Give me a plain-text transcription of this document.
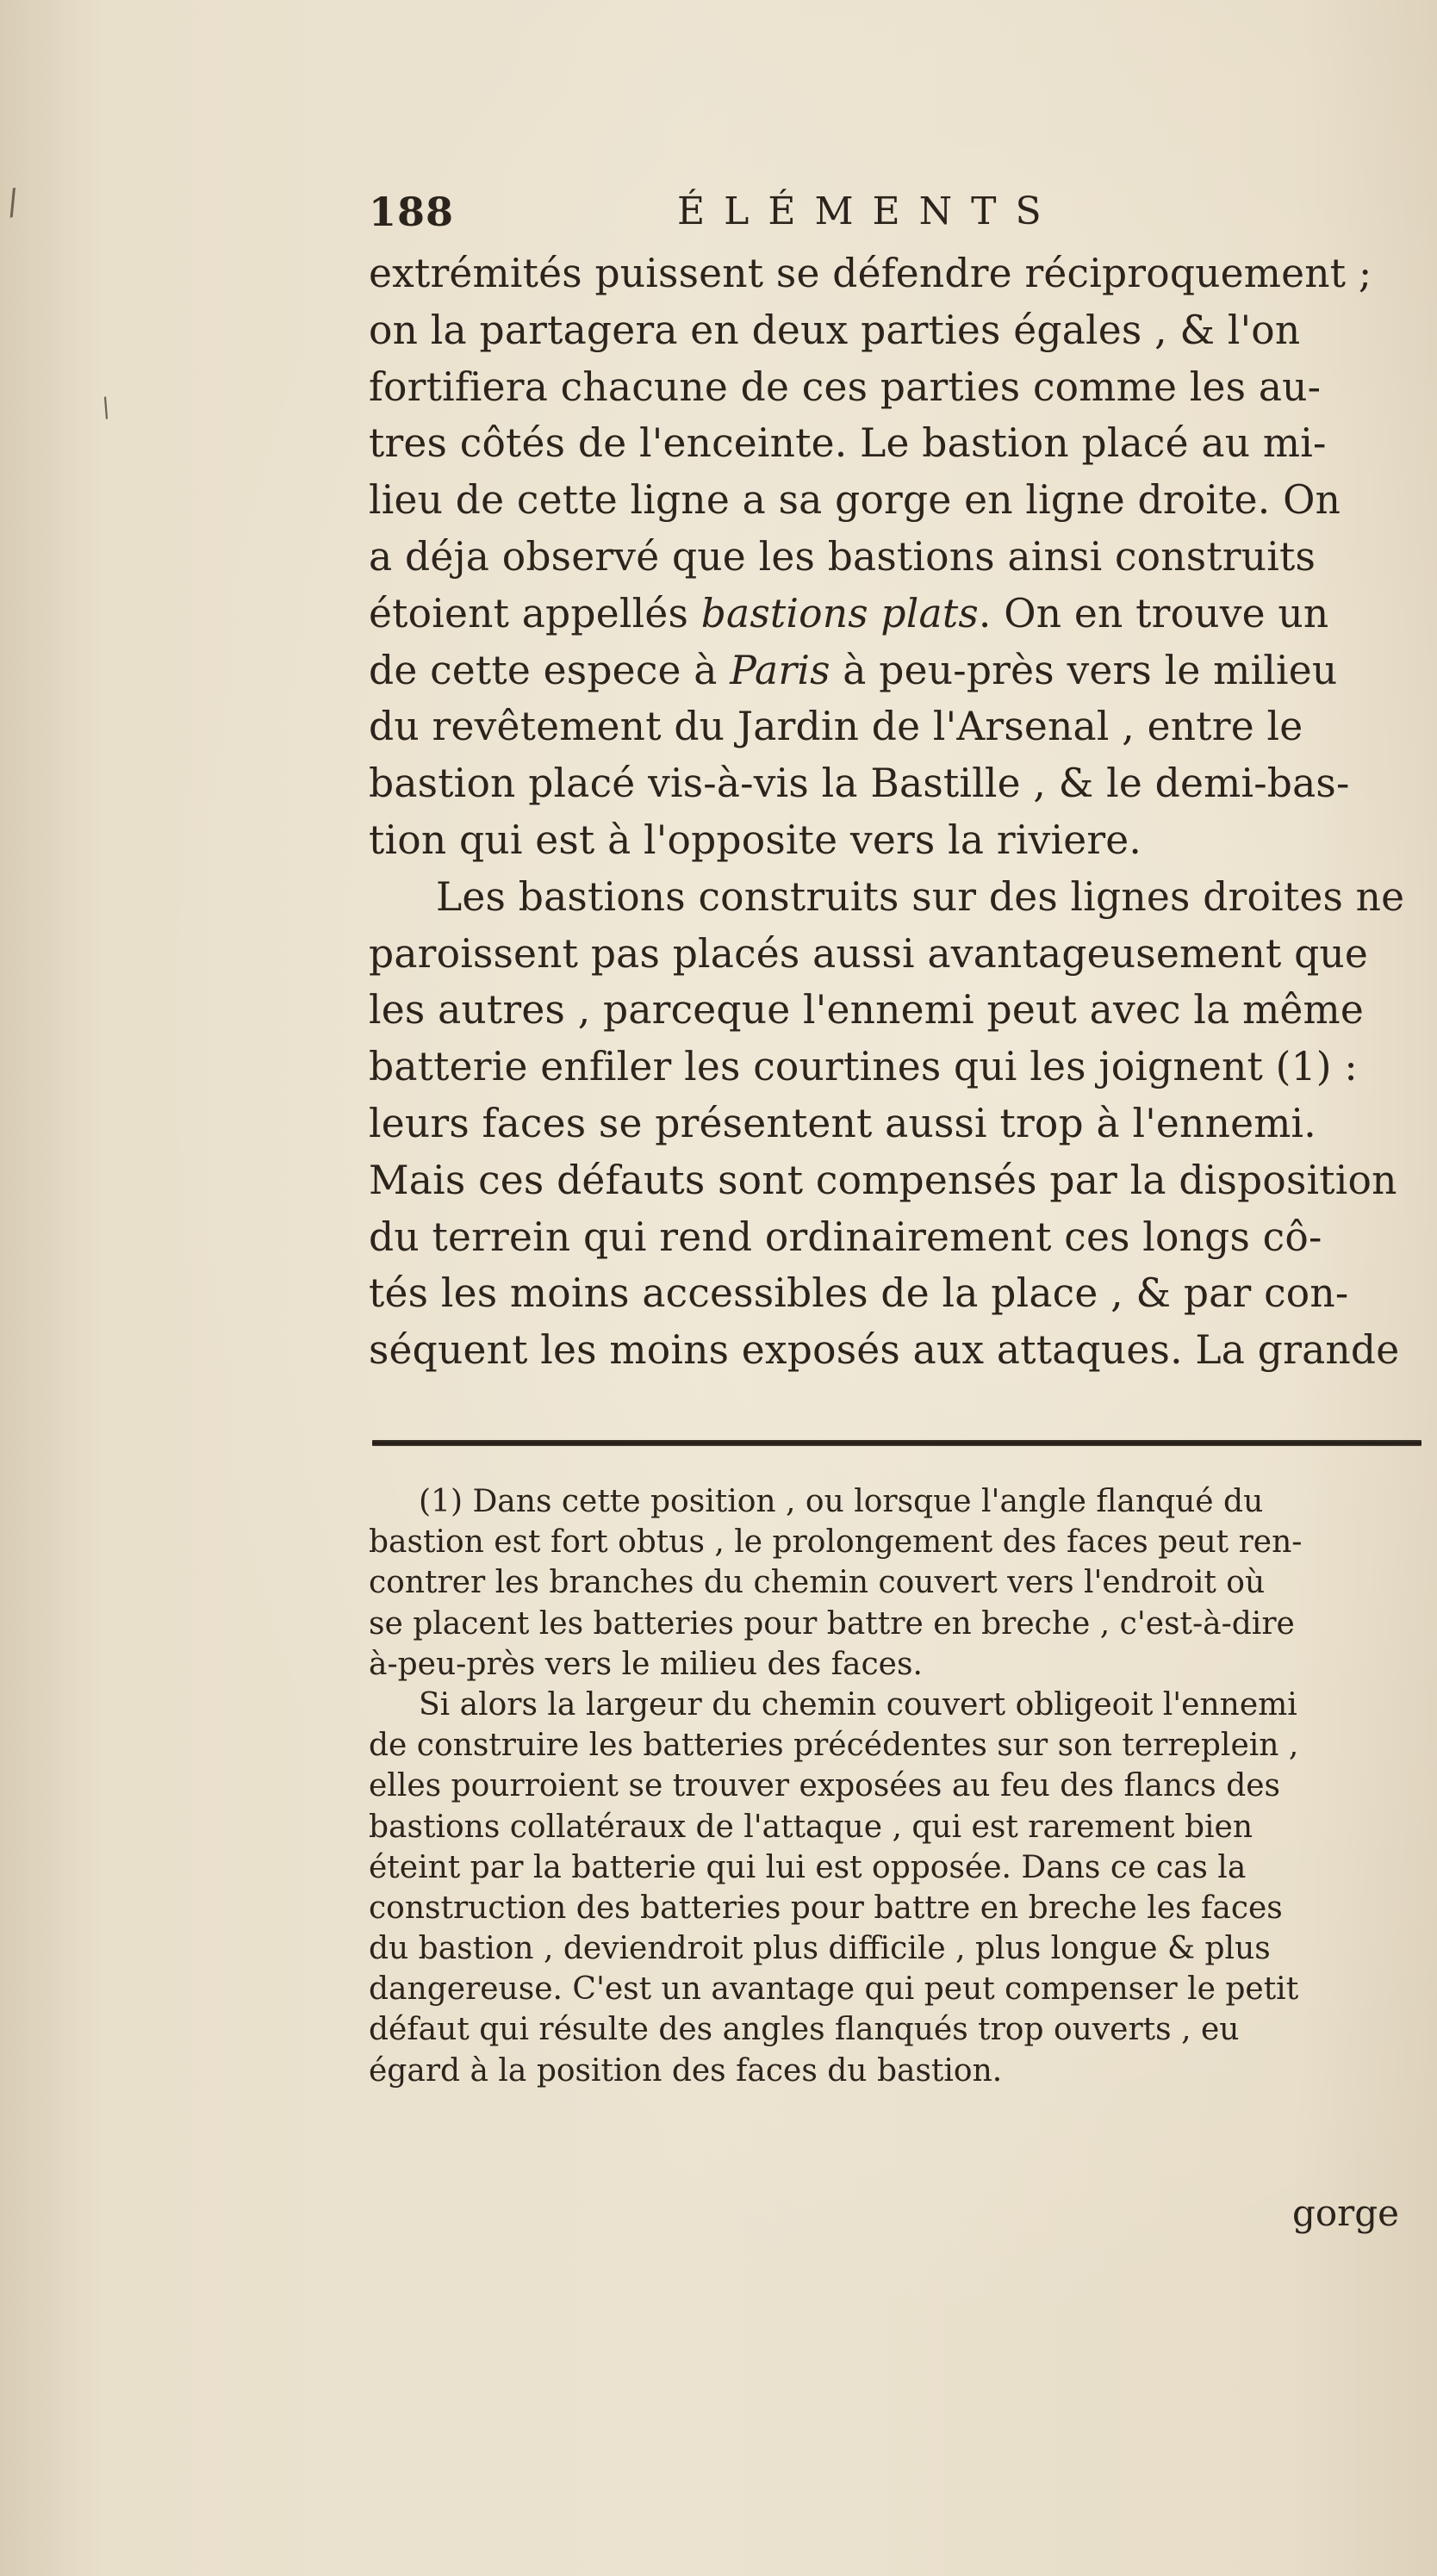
/
/
188	ÉLÉMENTS
extrémités puissent se défendre réciproquement ;
on la partagera en deux parties égales , & l'on
fortifiera chacune de ces parties comme les au-
tres côtés de l'enceinte. Le bastion placé au mi-
lieu de cette ligne a sa gorge en ligne droite. On
a déja observé que les bastions ainsi construits
étoient appellés bastions plats. On en trouve un
de cette espece à Paris à peu-près vers le milieu
du revêtement du Jardin de l'Arsenal , entre le
bastion placé vis-à-vis la Bastille , & le demi-bas-
tion qui est à l'opposite vers la riviere.
Les bastions construits sur des lignes droites ne
paroissent pas placés aussi avantageusement que
les autres , parceque l'ennemi peut avec la même
batterie enfiler les courtines qui les joignent (1) :
leurs faces se présentent aussi trop à l'ennemi.
Mais ces défauts sont compensés par la disposition
du terrein qui rend ordinairement ces longs cô-
tés les moins accessibles de la place , & par con-
séquent les moins exposés aux attaques. La grande
(1) Dans cette position , ou lorsque l'angle flanqué du
bastion est fort obtus , le prolongement des faces peut ren-
contrer les branches du chemin couvert vers l'endroit où
se placent les batteries pour battre en breche , c'est-à-dire
à-peu-près vers le milieu des faces.
Si alors la largeur du chemin couvert obligeoit l'ennemi
de construire les batteries précédentes sur son terreplein ,
elles pourroient se trouver exposées au feu des flancs des
bastions collatéraux de l'attaque , qui est rarement bien
éteint par la batterie qui lui est opposée. Dans ce cas la
construction des batteries pour battre en breche les faces
du bastion , deviendroit plus difficile , plus longue & plus
dangereuse. C'est un avantage qui peut compenser le petit
défaut qui résulte des angles flanqués trop ouverts , eu
égard à la position des faces du bastion.
gorge
